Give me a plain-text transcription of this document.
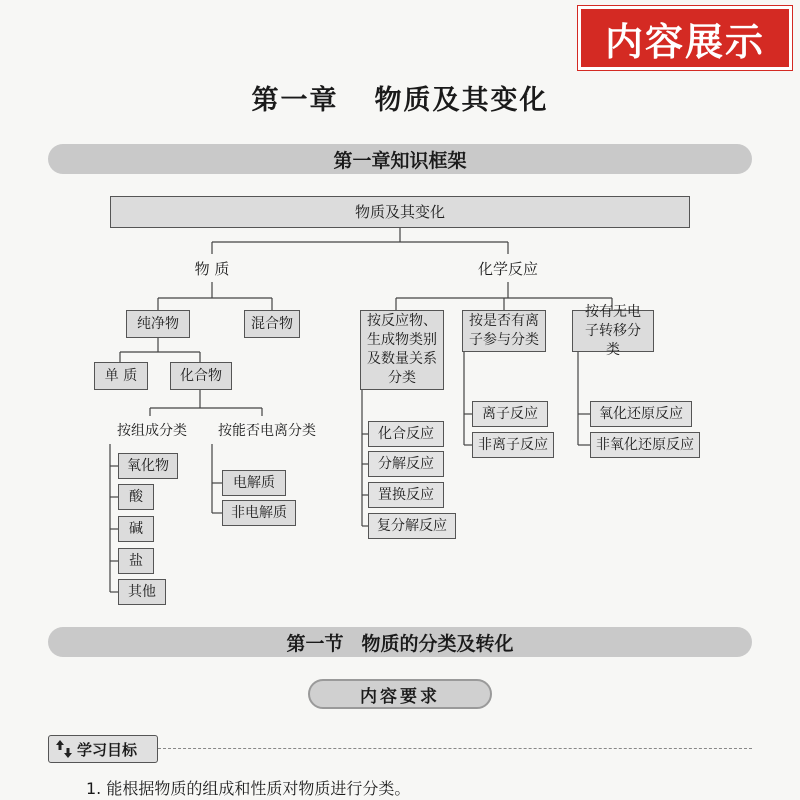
内容展示
第一章 物质及其变化
第一章知识框架
物质及其变化
物 质	化学反应
纯净物	混合物
单 质	化合物
按组成分类	按能否电离分类
氧化物
酸
碱
盐
其他
电解质
非电解质
按反应物、生成物类别及数量关系分类
按是否有离子参与分类
按有无电子转移分类
化合反应
分解反应
置换反应
复分解反应
离子反应
非离子反应
氧化还原反应
非氧化还原反应
第一节 物质的分类及转化
内容要求
学习目标
1. 能根据物质的组成和性质对物质进行分类。
